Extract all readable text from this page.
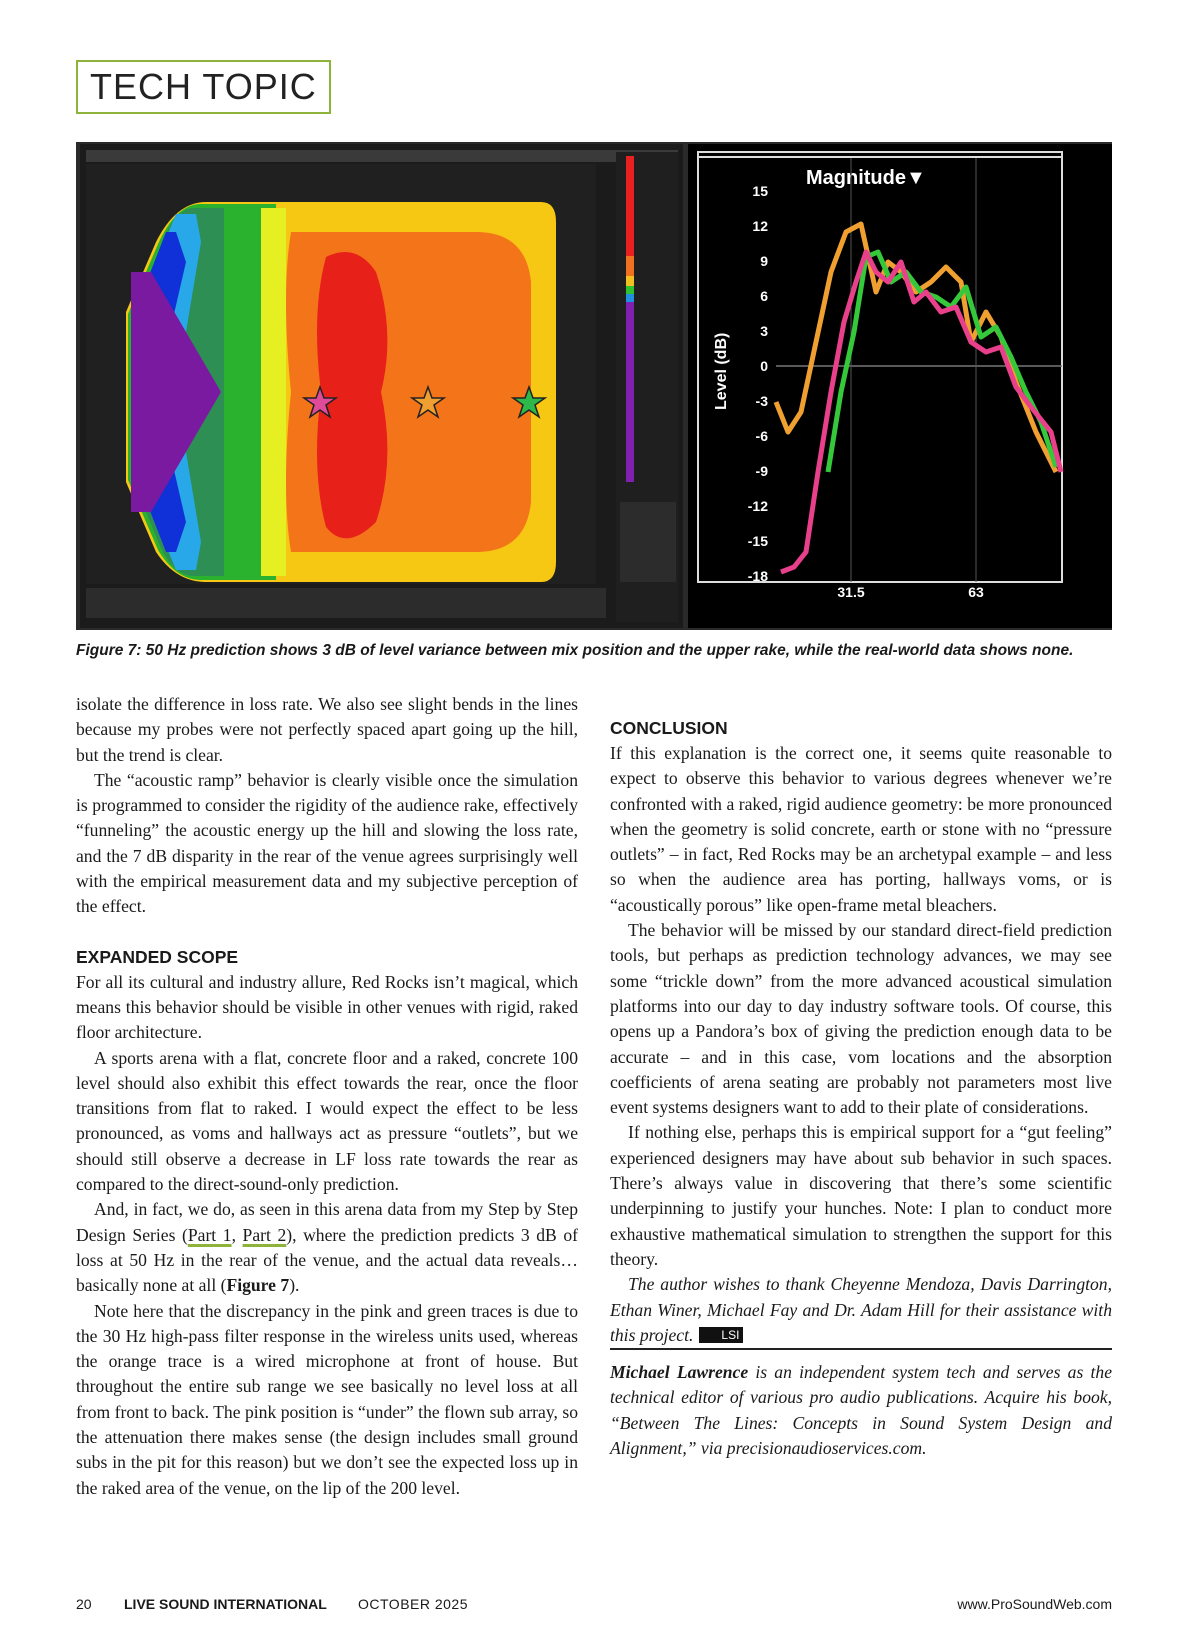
TECH TOPIC
Magnitude▼
Level (dB)
15
12
9
6
3
0
-3
-6
-9
-12
-15
-18
31.5	63
Figure 7: 50 Hz prediction shows 3 dB of level variance between mix position and the upper rake, while the real-world data shows none.

isolate the difference in loss rate. We also see slight bends in the lines because my probes were not perfectly spaced apart going up the hill, but the trend is clear.

The “acoustic ramp” behavior is clearly visible once the simulation is programmed to consider the rigidity of the audience rake, effectively “funneling” the acoustic energy up the hill and slowing the loss rate, and the 7 dB disparity in the rear of the venue agrees surprisingly well with the empirical measurement data and my subjective perception of the effect.

EXPANDED SCOPE

For all its cultural and industry allure, Red Rocks isn’t magical, which means this behavior should be visible in other venues with rigid, raked floor architecture.

A sports arena with a flat, concrete floor and a raked, concrete 100 level should also exhibit this effect towards the rear, once the floor transitions from flat to raked. I would expect the effect to be less pronounced, as voms and hallways act as pressure “outlets”, but we should still observe a decrease in LF loss rate towards the rear as compared to the direct-sound-only prediction.

And, in fact, we do, as seen in this arena data from my Step by Step Design Series (Part 1, Part 2), where the prediction predicts 3 dB of loss at 50 Hz in the rear of the venue, and the actual data reveals… basically none at all (Figure 7).

Note here that the discrepancy in the pink and green traces is due to the 30 Hz high-pass filter response in the wireless units used, whereas the orange trace is a wired microphone at front of house. But throughout the entire sub range we see basically no level loss at all from front to back. The pink position is “under” the flown sub array, so the attenuation there makes sense (the design includes small ground subs in the pit for this reason) but we don’t see the expected loss up in the raked area of the venue, on the lip of the 200 level.

CONCLUSION

If this explanation is the correct one, it seems quite reasonable to expect to observe this behavior to various degrees whenever we’re confronted with a raked, rigid audience geometry: be more pronounced when the geometry is solid concrete, earth or stone with no “pressure outlets” – in fact, Red Rocks may be an archetypal example – and less so when the audience area has porting, hallways voms, or is “acoustically porous” like open-frame metal bleachers.

The behavior will be missed by our standard direct-field prediction tools, but perhaps as prediction technology advances, we may see some “trickle down” from the more advanced acoustical simulation platforms into our day to day industry software tools. Of course, this opens up a Pandora’s box of giving the prediction enough data to be accurate – and in this case, vom locations and the absorption coefficients of arena seating are probably not parameters most live event systems designers want to add to their plate of considerations.

If nothing else, perhaps this is empirical support for a “gut feeling” experienced designers may have about sub behavior in such spaces. There’s always value in discovering that there’s some scientific underpinning to justify your hunches. Note: I plan to conduct more exhaustive mathematical simulation to strengthen the support for this theory.

The author wishes to thank Cheyenne Mendoza, Davis Darrington, Ethan Winer, Michael Fay and Dr. Adam Hill for their assistance with this project. LSI

Michael Lawrence is an independent system tech and serves as the technical editor of various pro audio publications. Acquire his book, “Between The Lines: Concepts in Sound System Design and Alignment,” via precisionaudioservices.com.

20 LIVE SOUND INTERNATIONAL OCTOBER 2025	www.ProSoundWeb.com
